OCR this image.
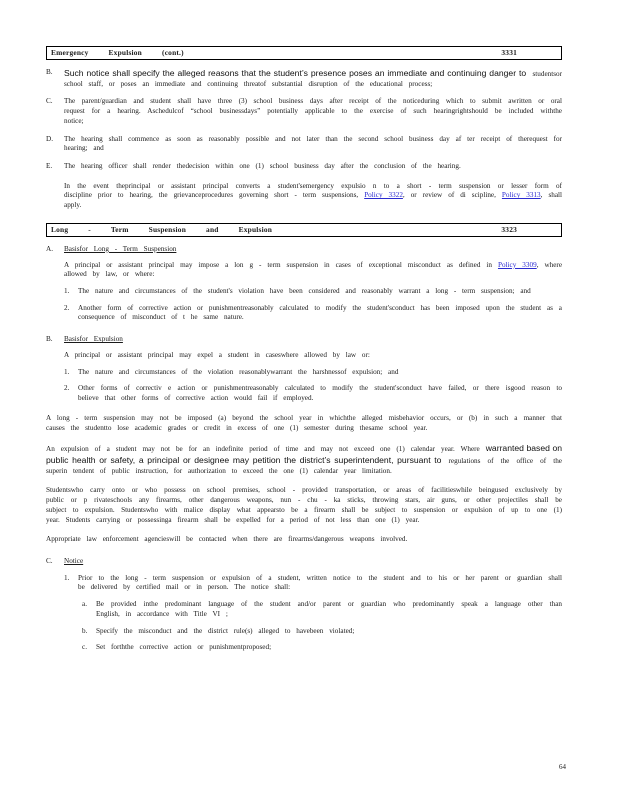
Emergency Expulsion (cont.)	3331
B.	Such notice shall specify the alleged reasons that the student’s presence poses an immediate and continuing danger to studentsor school staff, or poses an immediate and continuing threatof substantial disruption of the educational process;
C.	The parent/guardian and student shall have three (3) school business days after receipt of the noticeduring which to submit awritten or oral request for a hearing. Aschedulcof “school businessdays” potentially applicable to the exercise of such hearingrightshould be included withthe notice;
D.	The hearing shall commence as soon as reasonably possible and not later than the second school business day af ter receipt of therequest for hearing; and
E.	The hearing officer shall render thedecision within one (1) school business day after the conclusion of the hearing.
In the event theprincipal or assistant principal converts a student'semergency expulsio n to a short - term suspension or lesser form of discipline prior to hearing, the grievanceprocedures governing short - term suspensions, Policy 3322, or review of di scipline, Policy 3313, shall apply.
Long - Term Suspension and Expulsion	3323
A.	Basisfor Long - Term Suspension
A principal or assistant principal may impose a lon g - term suspension in cases of exceptional misconduct as defined in Policy 3309, where allowed by law, or where:
1.	The nature and circumstances of the student's violation have been considered and reasonably warrant a long - term suspension; and
2.	Another form of corrective action or punishmentreasonably calculated to modify the student'sconduct has been imposed upon the student as a consequence of misconduct of t he same nature.
B.	Basisfor Expulsion
A principal or assistant principal may expel a student in caseswhere allowed by law or:
1.	The nature and circumstances of the violation reasonablywarrant the harshnessof expulsion; and
2.	Other forms of correctiv e action or punishmentreasonably calculated to modify the student'sconduct have failed, or there isgood reason to believe that other forms of corrective action would fail if employed.
A long - term suspension may not be imposed (a) beyond the school year in whichthe alleged misbehavior occurs, or (b) in such a manner that causes the studentto lose academic grades or credit in excess of one (1) semester during thesame school year.
An expulsion of a student may not be for an indefinite period of time and may not exceed one (1) calendar year. Where warranted based on public health or safety, a principal or designee may petition the district’s superintendent, pursuant to regulations of the office of the superin tendent of public instruction, for authorization to exceed the one (1) calendar year limitation.
Studentswho carry onto or who possess on school premises, school - provided transportation, or areas of facilitieswhile beingused exclusively by public or p rivateschools any firearms, other dangerous weapons, nun - chu - ka sticks, throwing stars, air guns, or other projectiles shall be subject to expulsion. Studentswho with malice display what appearsto be a firearm shall be subject to suspension or expulsion of up to one (1) year. Students carrying or possessinga firearm shall be expelled for a period of not less than one (1) year.
Appropriate law enforcement agencieswill be contacted when there are firearms/dangerous weapons involved.
C.	Notice
1.	Prior to the long - term suspension or expulsion of a student, written notice to the student and to his or her parent or guardian shall be delivered by certified mail or in person. The notice shall:
a.	Be provided inthe predominant language of the student and/or parent or guardian who predominantly speak a language other than English, in accordance with Title VI ;
b.	Specify the misconduct and the district rule(s) alleged to havebeen violated;
c.	Set forththe corrective action or punishmentproposed;
64
